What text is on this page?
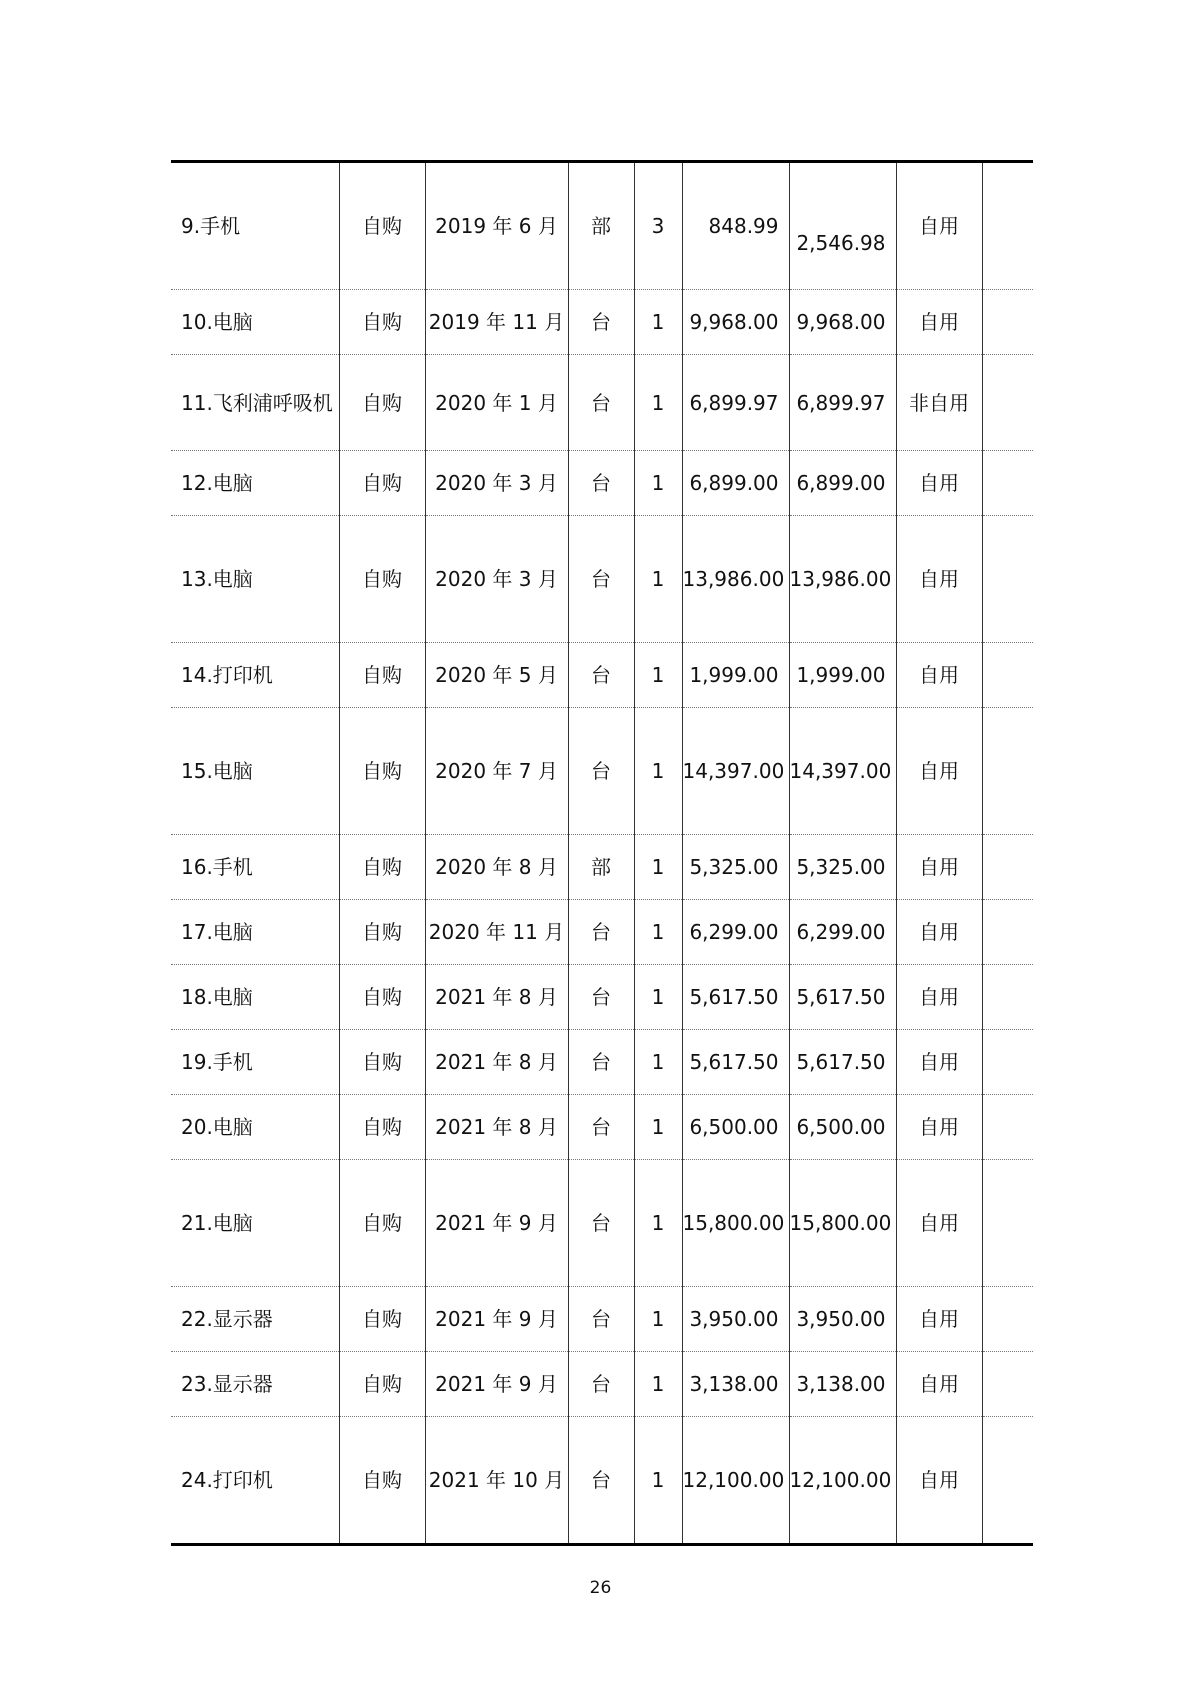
9.手机	自购	2019 年 6 月	部	3	848.99	2,546.98	自用	
10.电脑	自购	2019 年 11 月	台	1	9,968.00	9,968.00	自用	
11.飞利浦呼吸机	自购	2020 年 1 月	台	1	6,899.97	6,899.97	非自用	
12.电脑	自购	2020 年 3 月	台	1	6,899.00	6,899.00	自用	
13.电脑	自购	2020 年 3 月	台	1	13,986.00	13,986.00	自用	
14.打印机	自购	2020 年 5 月	台	1	1,999.00	1,999.00	自用	
15.电脑	自购	2020 年 7 月	台	1	14,397.00	14,397.00	自用	
16.手机	自购	2020 年 8 月	部	1	5,325.00	5,325.00	自用	
17.电脑	自购	2020 年 11 月	台	1	6,299.00	6,299.00	自用	
18.电脑	自购	2021 年 8 月	台	1	5,617.50	5,617.50	自用	
19.手机	自购	2021 年 8 月	台	1	5,617.50	5,617.50	自用	
20.电脑	自购	2021 年 8 月	台	1	6,500.00	6,500.00	自用	
21.电脑	自购	2021 年 9 月	台	1	15,800.00	15,800.00	自用	
22.显示器	自购	2021 年 9 月	台	1	3,950.00	3,950.00	自用	
23.显示器	自购	2021 年 9 月	台	1	3,138.00	3,138.00	自用	
24.打印机	自购	2021 年 10 月	台	1	12,100.00	12,100.00	自用	
26
